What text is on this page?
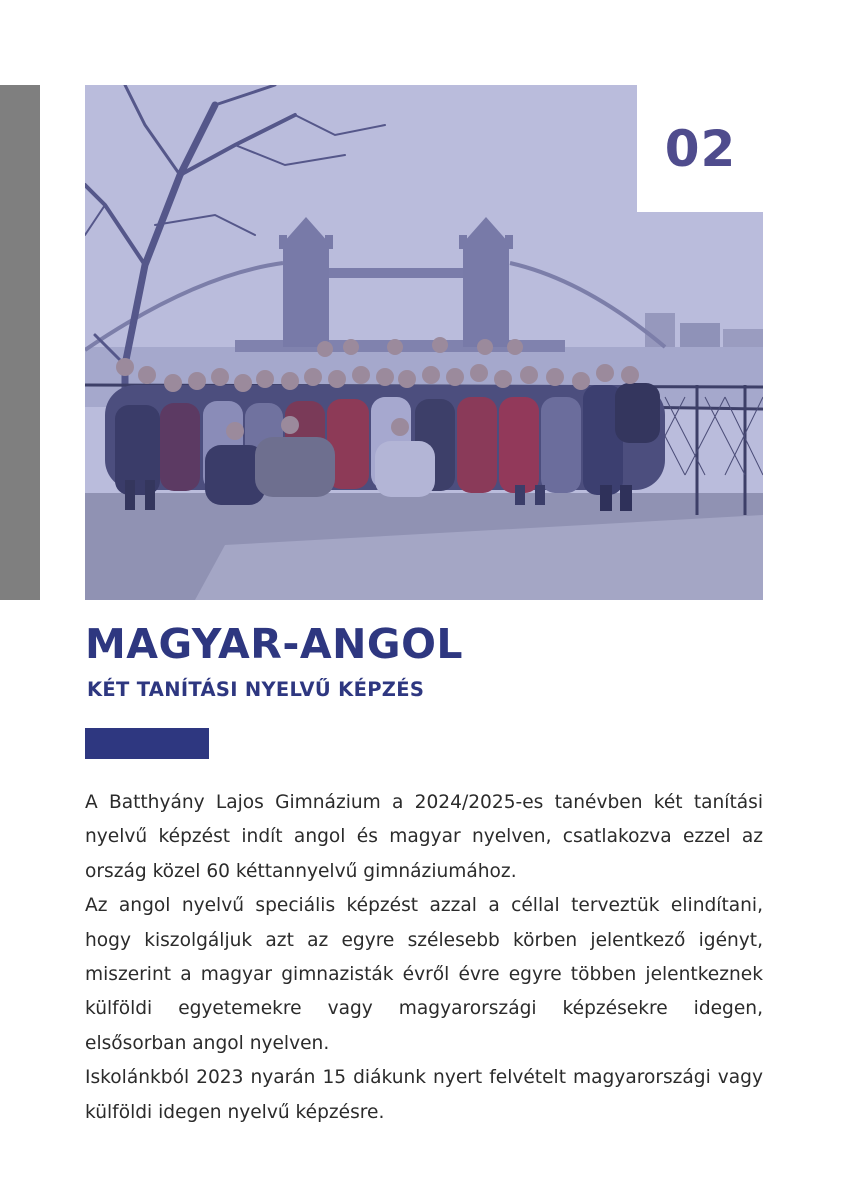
02
MAGYAR-ANGOL
KÉT TANÍTÁSI NYELVŰ KÉPZÉS

A Batthyány Lajos Gimnázium a 2024/2025-es tanévben két tanítási nyelvű képzést indít angol és magyar nyelven, csatlakozva ezzel az ország közel 60 kéttannyelvű gimnáziumához.

Az angol nyelvű speciális képzést azzal a céllal terveztük elindítani, hogy kiszolgáljuk azt az egyre szélesebb körben jelentkező igényt, miszerint a magyar gimnazisták évről évre egyre többen jelentkeznek külföldi egyetemekre vagy magyarországi képzésekre idegen, elsősorban angol nyelven.

Iskolánkból 2023 nyarán 15 diákunk nyert felvételt magyarországi vagy külföldi idegen nyelvű képzésre.
